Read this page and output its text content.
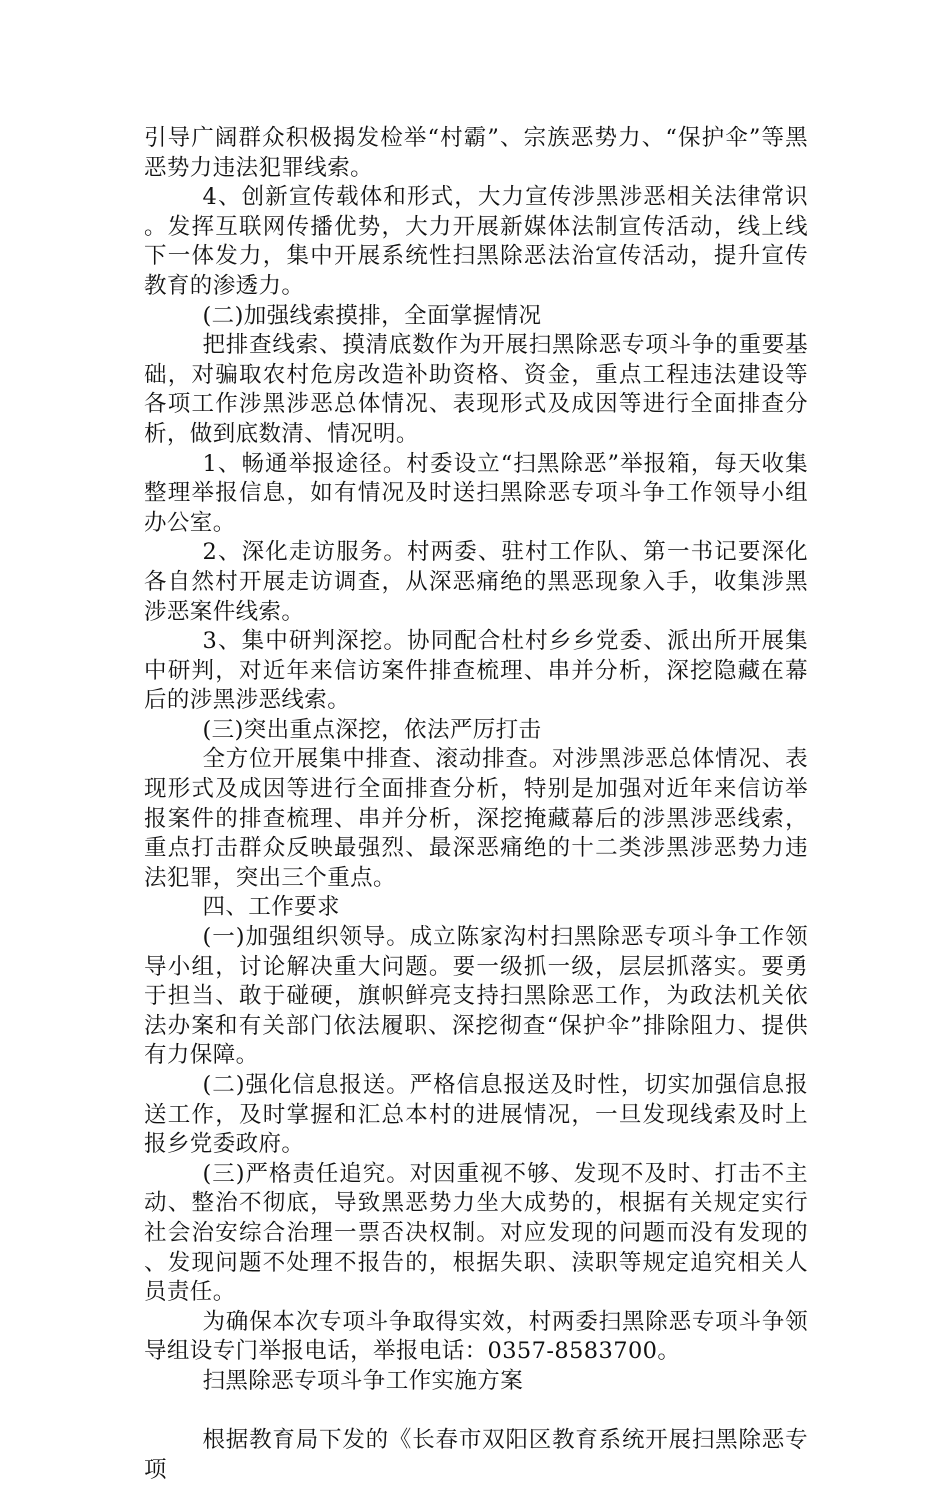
引导广阔群众积极揭发检举“村霸”、宗族恶势力、“保护伞”等黑恶势力违法犯罪线索。

4、创新宣传载体和形式，大力宣传涉黑涉恶相关法律常识。发挥互联网传播优势，大力开展新媒体法制宣传活动，线上线下一体发力，集中开展系统性扫黑除恶法治宣传活动，提升宣传教育的渗透力。

(二)加强线索摸排，全面掌握情况

把排查线索、摸清底数作为开展扫黑除恶专项斗争的重要基础，对骗取农村危房改造补助资格、资金，重点工程违法建设等各项工作涉黑涉恶总体情况、表现形式及成因等进行全面排查分析，做到底数清、情况明。

1、畅通举报途径。村委设立“扫黑除恶”举报箱，每天收集整理举报信息，如有情况及时送扫黑除恶专项斗争工作领导小组办公室。

2、深化走访服务。村两委、驻村工作队、第一书记要深化各自然村开展走访调查，从深恶痛绝的黑恶现象入手，收集涉黑涉恶案件线索。

3、集中研判深挖。协同配合杜村乡乡党委、派出所开展集中研判，对近年来信访案件排查梳理、串并分析，深挖隐藏在幕后的涉黑涉恶线索。

(三)突出重点深挖，依法严厉打击

全方位开展集中排查、滚动排查。对涉黑涉恶总体情况、表现形式及成因等进行全面排查分析，特别是加强对近年来信访举报案件的排查梳理、串并分析，深挖掩藏幕后的涉黑涉恶线索，重点打击群众反映最强烈、最深恶痛绝的十二类涉黑涉恶势力违法犯罪，突出三个重点。

四、工作要求

(一)加强组织领导。成立陈家沟村扫黑除恶专项斗争工作领导小组，讨论解决重大问题。要一级抓一级，层层抓落实。要勇于担当、敢于碰硬，旗帜鲜亮支持扫黑除恶工作，为政法机关依法办案和有关部门依法履职、深挖彻查“保护伞”排除阻力、提供有力保障。

(二)强化信息报送。严格信息报送及时性，切实加强信息报送工作，及时掌握和汇总本村的进展情况，一旦发现线索及时上报乡党委政府。

(三)严格责任追究。对因重视不够、发现不及时、打击不主动、整治不彻底，导致黑恶势力坐大成势的，根据有关规定实行社会治安综合治理一票否决权制。对应发现的问题而没有发现的、发现问题不处理不报告的，根据失职、渎职等规定追究相关人员责任。

为确保本次专项斗争取得实效，村两委扫黑除恶专项斗争领导组设专门举报电话，举报电话：0357-8583700。

扫黑除恶专项斗争工作实施方案

根据教育局下发的《长春市双阳区教育系统开展扫黑除恶专项
